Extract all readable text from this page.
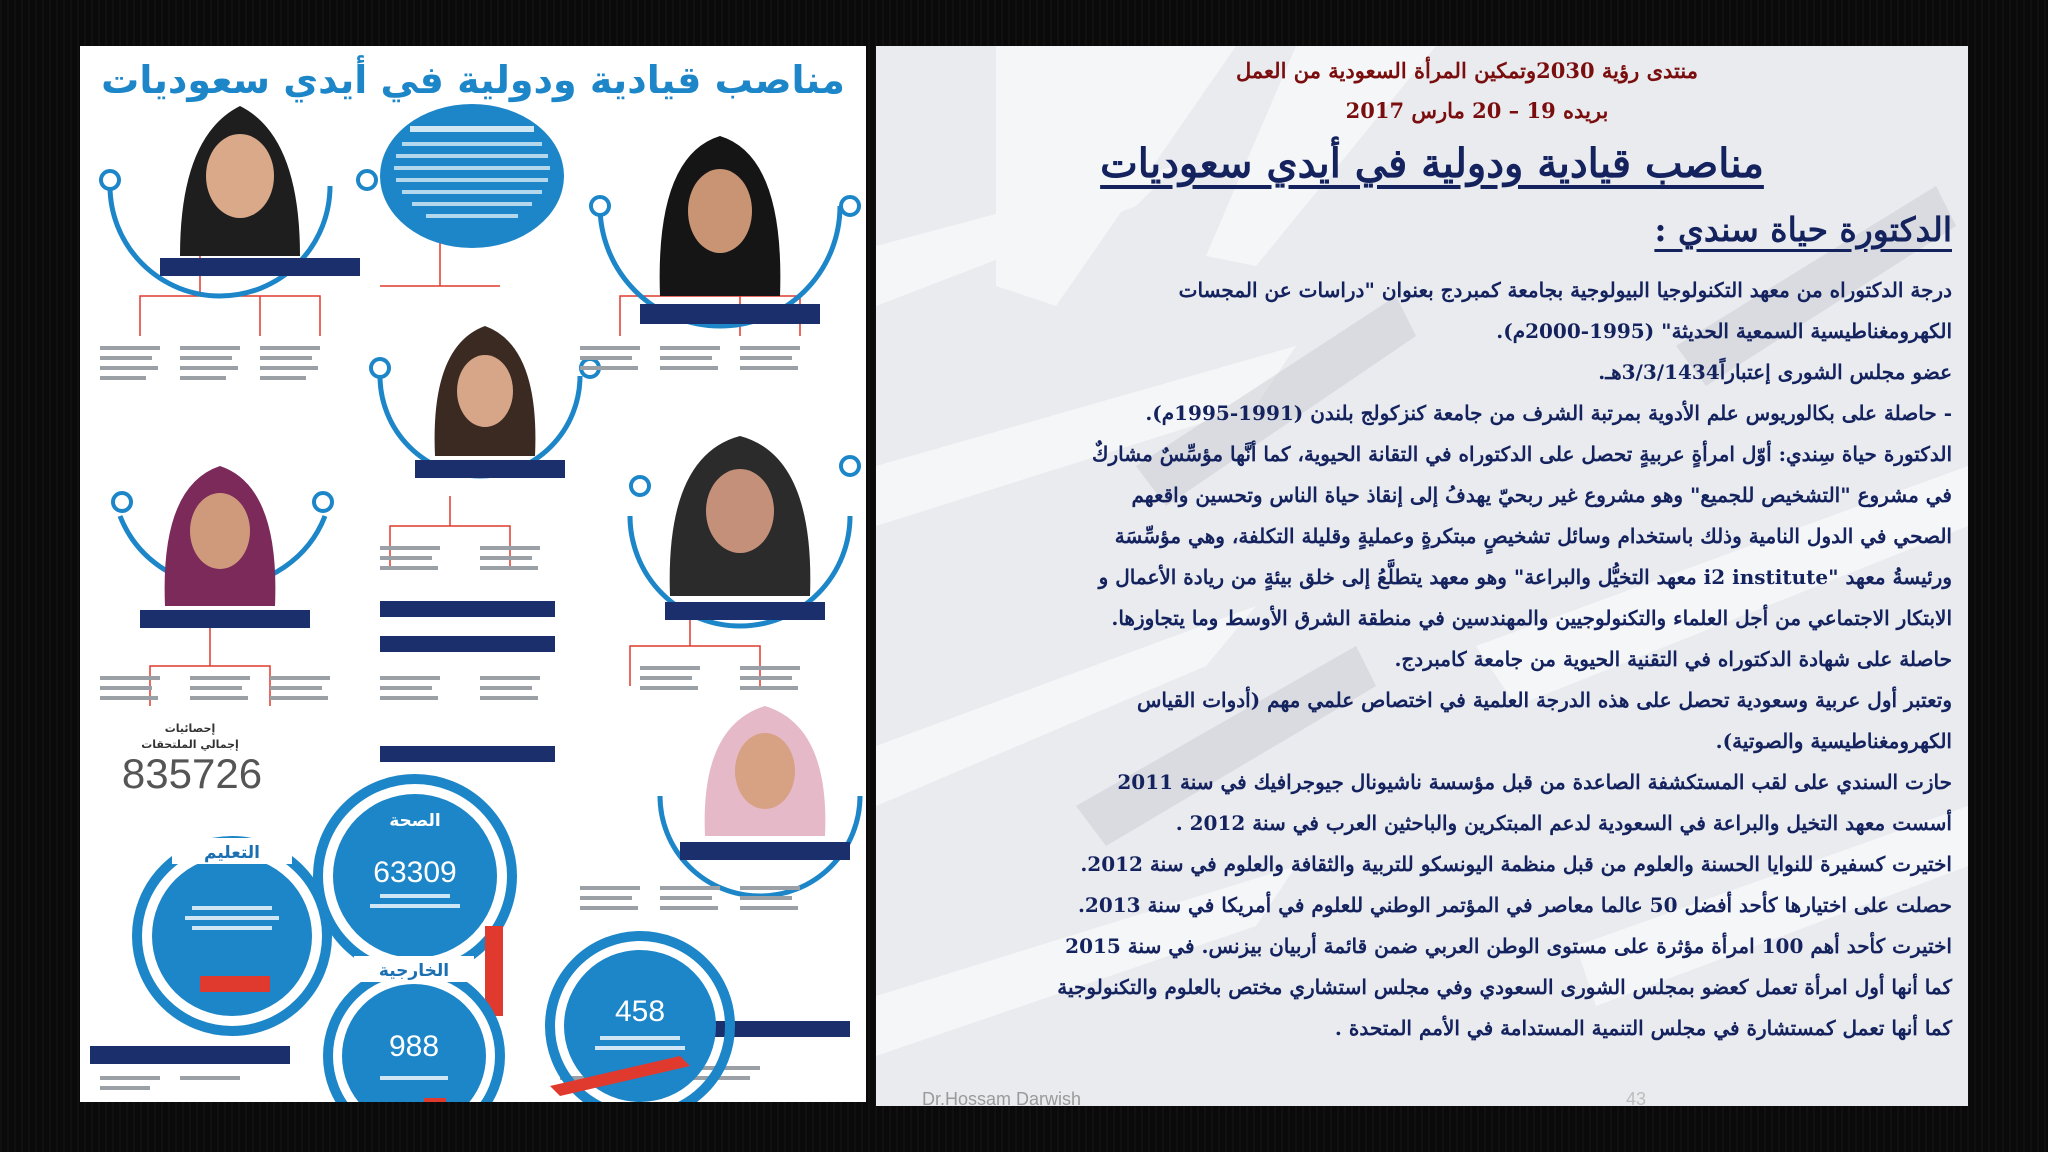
إحصائيات
إجمالي الملتحقات
835726
الصحة
63309
التعليم
الخارجية
988
458
مناصب قيادية ودولية في أيدي سعوديات	منتدى رؤية 2030وتمكين المرأة السعودية من العمل
بريده 19 – 20 مارس 2017
مناصب قيادية ودولية في أيدي سعوديات
الدكتورة حياة سندي :
درجة الدكتوراه من معهد التكنولوجيا البيولوجية بجامعة كمبردج بعنوان "دراسات عن المجسات
الكهرومغناطيسية السمعية الحديثة" (1995-2000م).
عضو مجلس الشورى إعتباراً3/3/1434هـ.
- حاصلة على بكالوريوس علم الأدوية بمرتبة الشرف من جامعة كنزكولج بلندن (1991-1995م).
الدكتورة حياة سِندي: أوّل امرأةٍ عربيةٍ تحصل على الدكتوراه في التقانة الحيوية، كما أنَّها مؤسِّسٌ مشاركٌ
في مشروع "التشخيص للجميع" وهو مشروع غير ربحيّ يهدفُ إلى إنقاذ حياة الناس وتحسين واقعهم
الصحي في الدول النامية وذلك باستخدام وسائل تشخيصٍ مبتكرةٍ وعمليةٍ وقليلة التكلفة، وهي مؤسِّسَة
ورئيسةُ معهد "i2 institute معهد التخيُّل والبراعة" وهو معهد يتطلَّعُ إلى خلق بيئةٍ من ريادة الأعمال و
الابتكار الاجتماعي من أجل العلماء والتكنولوجيين والمهندسين في منطقة الشرق الأوسط وما يتجاوزها.
حاصلة على شهادة الدكتوراه في التقنية الحيوية من جامعة كامبردج.
وتعتبر أول عربية وسعودية تحصل على هذه الدرجة العلمية في اختصاص علمي مهم (أدوات القياس
الكهرومغناطيسية والصوتية).
حازت السندي على لقب المستكشفة الصاعدة من قبل مؤسسة ناشيونال جيوجرافيك في سنة 2011
أسست معهد التخيل والبراعة في السعودية لدعم المبتكرين والباحثين العرب في سنة 2012 .
اختيرت كسفيرة للنوايا الحسنة والعلوم من قبل منظمة اليونسكو للتربية والثقافة والعلوم في سنة 2012.
حصلت على اختيارها كأحد أفضل 50 عالما معاصر في المؤتمر الوطني للعلوم في أمريكا في سنة 2013.
اختيرت كأحد أهم 100 امرأة مؤثرة على مستوى الوطن العربي ضمن قائمة أربيان بيزنس. في سنة 2015
كما أنها أول امرأة تعمل كعضو بمجلس الشورى السعودي وفي مجلس استشاري مختص بالعلوم والتكنولوجية
كما أنها تعمل كمستشارة في مجلس التنمية المستدامة في الأمم المتحدة .
Dr.Hossam Darwish	43
